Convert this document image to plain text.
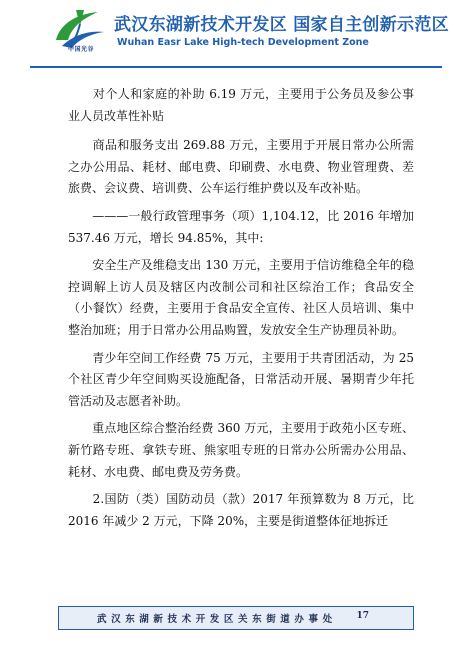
中国光谷
武汉东湖新技术开发区 国家自主创新示范区
Wuhan Easr Lake High-tech Development Zone

　　对个人和家庭的补助 6.19 万元，主要用于公务员及参公事业人员改革性补贴

　　商品和服务支出 269.88 万元，主要用于开展日常办公所需之办公用品、耗材、邮电费、印刷费、水电费、物业管理费、差旅费、会议费、培训费、公车运行维护费以及车改补贴。

　　———一般行政管理事务（项）1,104.12，比 2016 年增加 537.46 万元，增长 94.85%，其中:

　　安全生产及维稳支出 130 万元，主要用于信访维稳全年的稳控调解上访人员及辖区内改制公司和社区综治工作；食品安全（小餐饮）经费，主要用于食品安全宣传、社区人员培训、集中整治加班；用于日常办公用品购置，发放安全生产协理员补助。

　　青少年空间工作经费 75 万元，主要用于共青团活动，为 25 个社区青少年空间购买设施配备，日常活动开展、暑期青少年托管活动及志愿者补助。

　　重点地区综合整治经费 360 万元，主要用于政苑小区专班、新竹路专班、拿铁专班、熊家咀专班的日常办公所需办公用品、耗材、水电费、邮电费及劳务费。

　　2.国防（类）国防动员（款）2017 年预算数为 8 万元，比 2016 年减少 2 万元，下降 20%，主要是街道整体征地拆迁

武汉东湖新技术开发区关东街道办事处 17
